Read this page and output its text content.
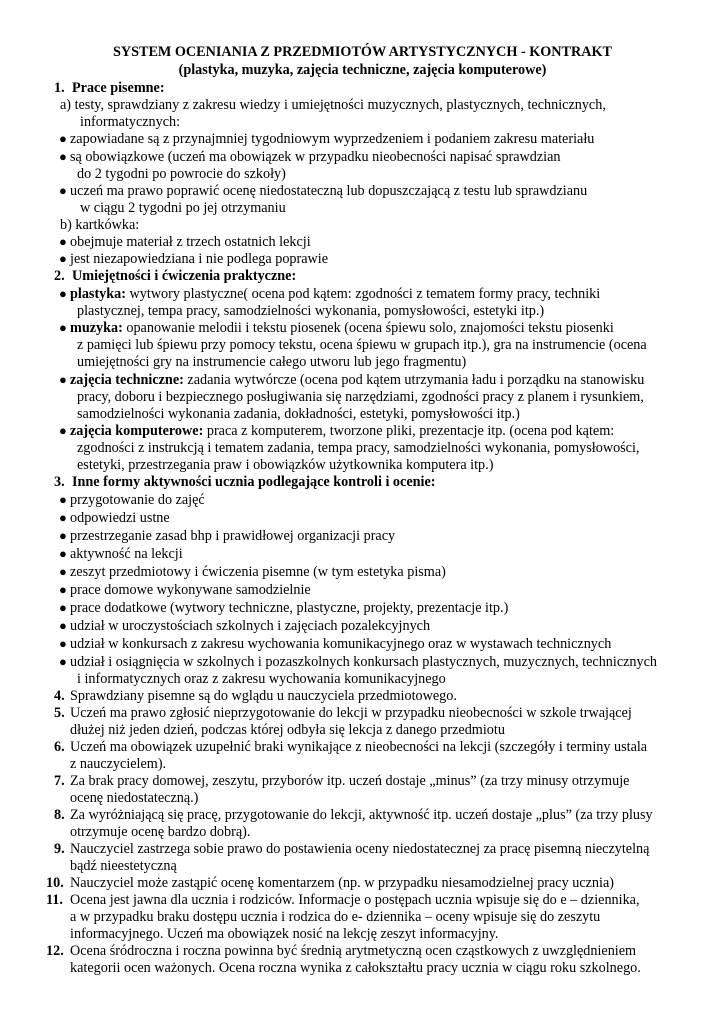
SYSTEM OCENIANIA Z PRZEDMIOTÓW ARTYSTYCZNYCH - KONTRAKT
(plastyka, muzyka, zajęcia techniczne, zajęcia komputerowe)
1. Prace pisemne:
a) testy, sprawdziany z zakresu wiedzy i umiejętności muzycznych, plastycznych, technicznych,
informatycznych:
● zapowiadane są z przynajmniej tygodniowym wyprzedzeniem i podaniem zakresu materiału
● są obowiązkowe (uczeń ma obowiązek w przypadku nieobecności napisać sprawdzian
do 2 tygodni po powrocie do szkoły)
● uczeń ma prawo poprawić ocenę niedostateczną lub dopuszczającą z testu lub sprawdzianu
w ciągu 2 tygodni po jej otrzymaniu
b) kartkówka:
● obejmuje materiał z trzech ostatnich lekcji
● jest niezapowiedziana i nie podlega poprawie
2. Umiejętności i ćwiczenia praktyczne:
● plastyka: wytwory plastyczne( ocena pod kątem: zgodności z tematem formy pracy, techniki
plastycznej, tempa pracy, samodzielności wykonania, pomysłowości, estetyki itp.)
● muzyka: opanowanie melodii i tekstu piosenek (ocena śpiewu solo, znajomości tekstu piosenki
z pamięci lub śpiewu przy pomocy tekstu, ocena śpiewu w grupach itp.), gra na instrumencie (ocena
umiejętności gry na instrumencie całego utworu lub jego fragmentu)
● zajęcia techniczne: zadania wytwórcze (ocena pod kątem utrzymania ładu i porządku na stanowisku
pracy, doboru i bezpiecznego posługiwania się narzędziami, zgodności pracy z planem i rysunkiem,
samodzielności wykonania zadania, dokładności, estetyki, pomysłowości itp.)
● zajęcia komputerowe: praca z komputerem, tworzone pliki, prezentacje itp. (ocena pod kątem:
zgodności z instrukcją i tematem zadania, tempa pracy, samodzielności wykonania, pomysłowości,
estetyki, przestrzegania praw i obowiązków użytkownika komputera itp.)
3. Inne formy aktywności ucznia podlegające kontroli i ocenie:
● przygotowanie do zajęć
● odpowiedzi ustne
● przestrzeganie zasad bhp i prawidłowej organizacji pracy
● aktywność na lekcji
● zeszyt przedmiotowy i ćwiczenia pisemne (w tym estetyka pisma)
● prace domowe wykonywane samodzielnie
● prace dodatkowe (wytwory techniczne, plastyczne, projekty, prezentacje itp.)
● udział w uroczystościach szkolnych i zajęciach pozalekcyjnych
● udział w konkursach z zakresu wychowania komunikacyjnego oraz w wystawach technicznych
● udział i osiągnięcia w szkolnych i pozaszkolnych konkursach plastycznych, muzycznych, technicznych
i informatycznych oraz z zakresu wychowania komunikacyjnego
4. Sprawdziany pisemne są do wglądu u nauczyciela przedmiotowego.
5. Uczeń ma prawo zgłosić nieprzygotowanie do lekcji w przypadku nieobecności w szkole trwającej
dłużej niż jeden dzień, podczas której odbyła się lekcja z danego przedmiotu
6. Uczeń ma obowiązek uzupełnić braki wynikające z nieobecności na lekcji (szczegóły i terminy ustala
z nauczycielem).
7. Za brak pracy domowej, zeszytu, przyborów itp. uczeń dostaje „minus” (za trzy minusy otrzymuje
ocenę niedostateczną.)
8. Za wyróżniającą się pracę, przygotowanie do lekcji, aktywność itp. uczeń dostaje „plus” (za trzy plusy
otrzymuje ocenę bardzo dobrą).
9. Nauczyciel zastrzega sobie prawo do postawienia oceny niedostatecznej za pracę pisemną nieczytelną
bądź nieestetyczną
10. Nauczyciel może zastąpić ocenę komentarzem (np. w przypadku niesamodzielnej pracy ucznia)
11. Ocena jest jawna dla ucznia i rodziców. Informacje o postępach ucznia wpisuje się do e – dziennika,
a w przypadku braku dostępu ucznia i rodzica do e- dziennika – oceny wpisuje się do zeszytu
informacyjnego. Uczeń ma obowiązek nosić na lekcję zeszyt informacyjny.
12. Ocena śródroczna i roczna powinna być średnią arytmetyczną ocen cząstkowych z uwzględnieniem
kategorii ocen ważonych. Ocena roczna wynika z całokształtu pracy ucznia w ciągu roku szkolnego.
